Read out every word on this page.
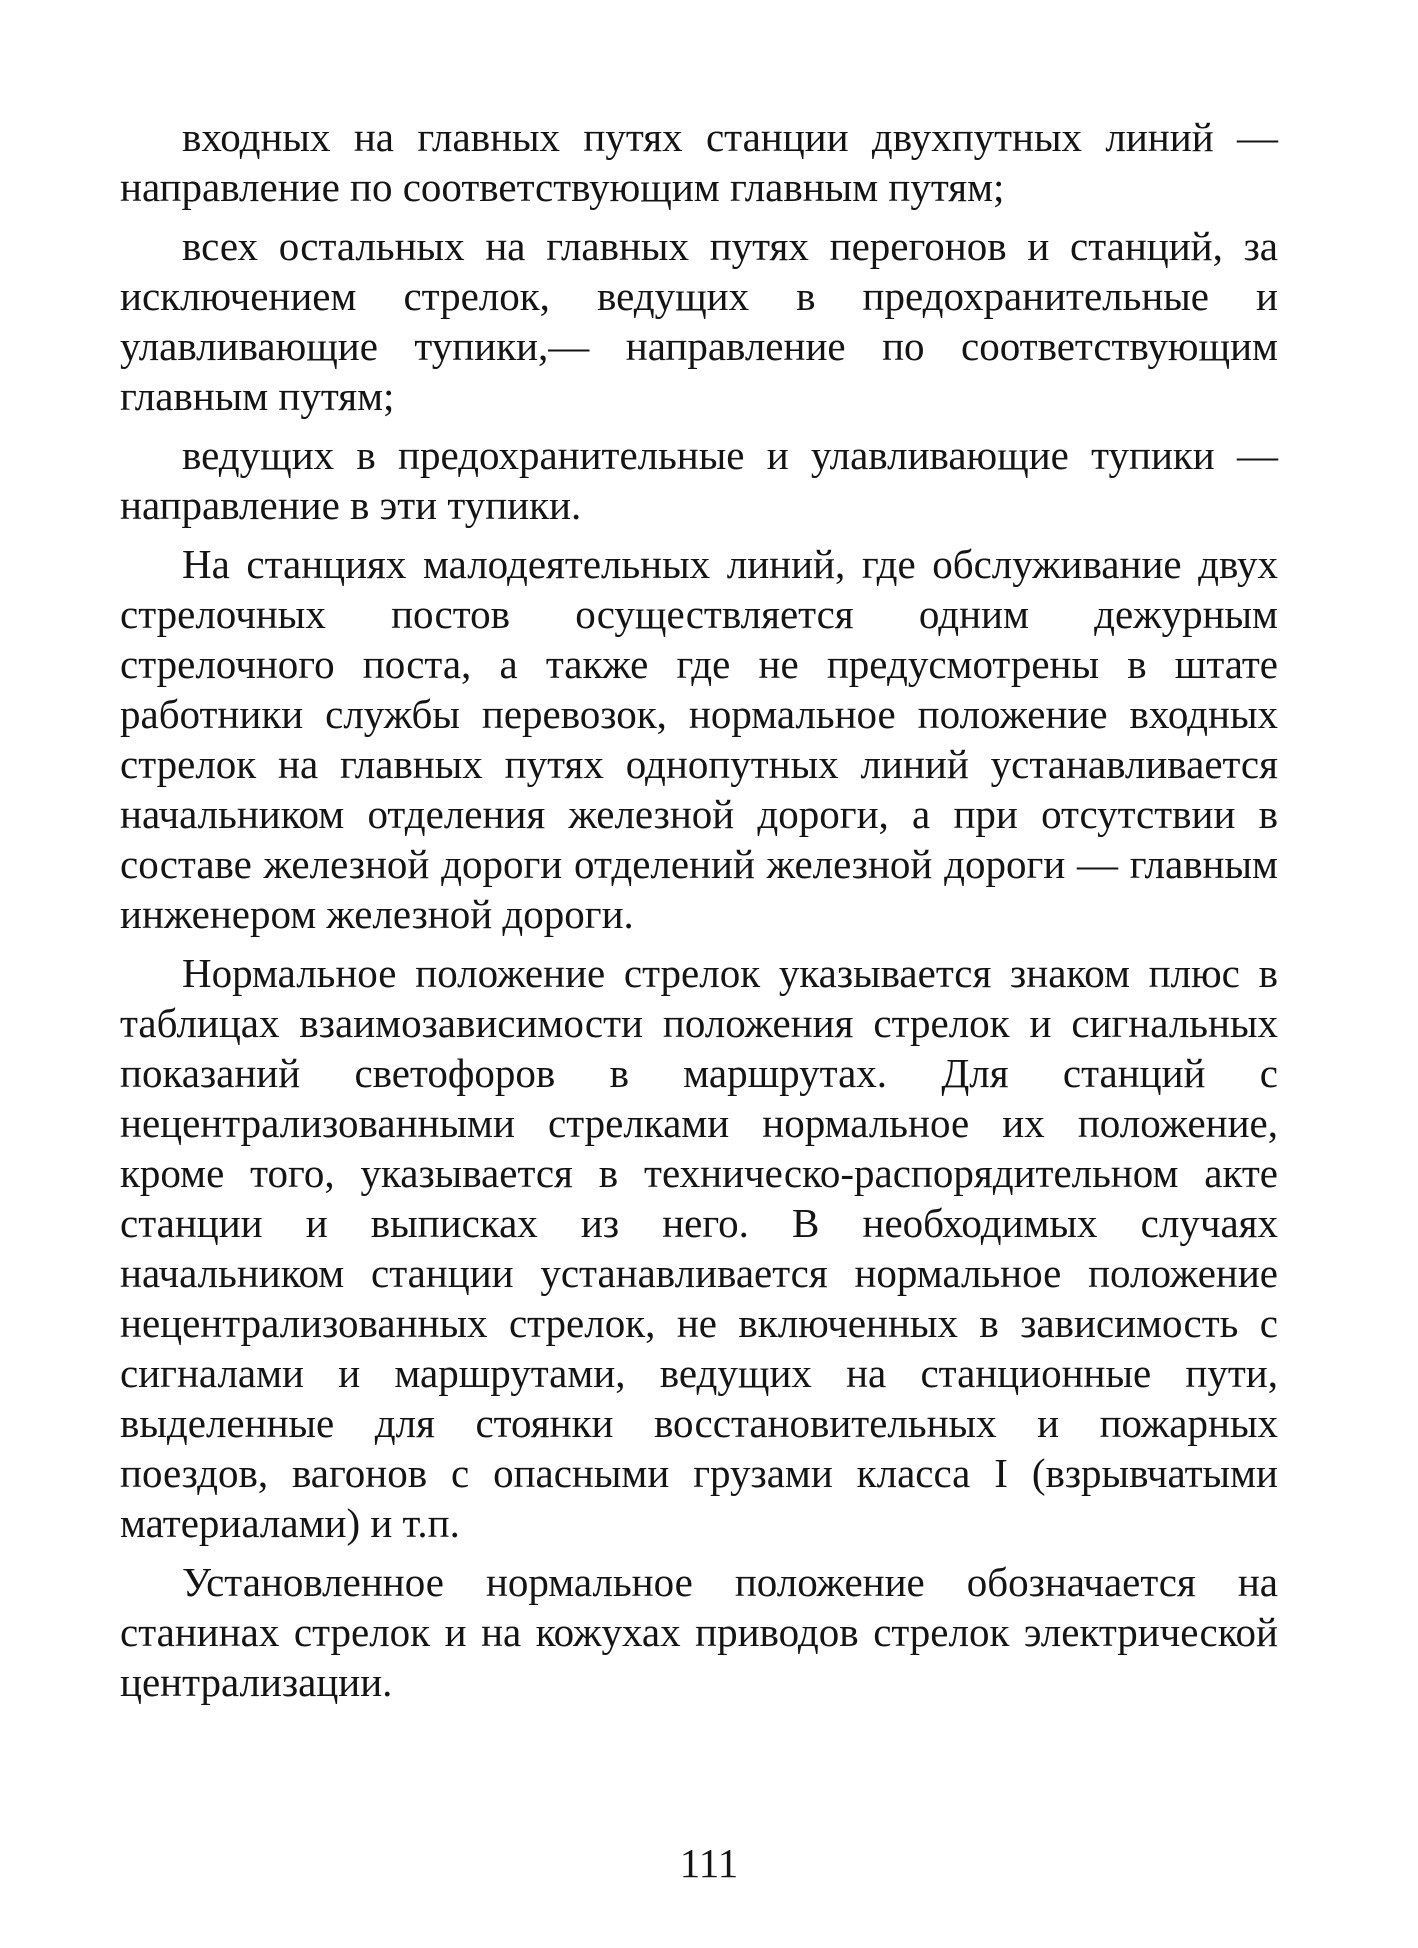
входных на главных путях станции двухпутных линий — направление по соответствующим главным путям;

всех остальных на главных путях перегонов и станций, за исключением стрелок, ведущих в предохранительные и улавливающие тупики,— направление по соответствующим главным путям;

ведущих в предохранительные и улавливающие тупики — направление в эти тупики.

На станциях малодеятельных линий, где обслуживание двух стрелочных постов осуществляется одним дежурным стрелочного поста, а также где не предусмотрены в штате работники службы перевозок, нормальное положение входных стрелок на главных путях однопутных линий устанавливается начальником отделения железной дороги, а при отсутствии в составе железной дороги отделений железной дороги — главным инженером железной дороги.

Нормальное положение стрелок указывается знаком плюс в таблицах взаимозависимости положения стрелок и сигнальных показаний светофоров в маршрутах. Для станций с нецентрализованными стрелками нормальное их положение, кроме того, указывается в техническо-распорядительном акте станции и выписках из него. В необходимых случаях начальником станции устанавливается нормальное положение нецентрализованных стрелок, не включенных в зависимость с сигналами и маршрутами, ведущих на станционные пути, выделенные для стоянки восстановительных и пожарных поездов, вагонов с опасными грузами класса I (взрывчатыми материалами) и т.п.

Установленное нормальное положение обозначается на станинах стрелок и на кожухах приводов стрелок электрической централизации.

111
